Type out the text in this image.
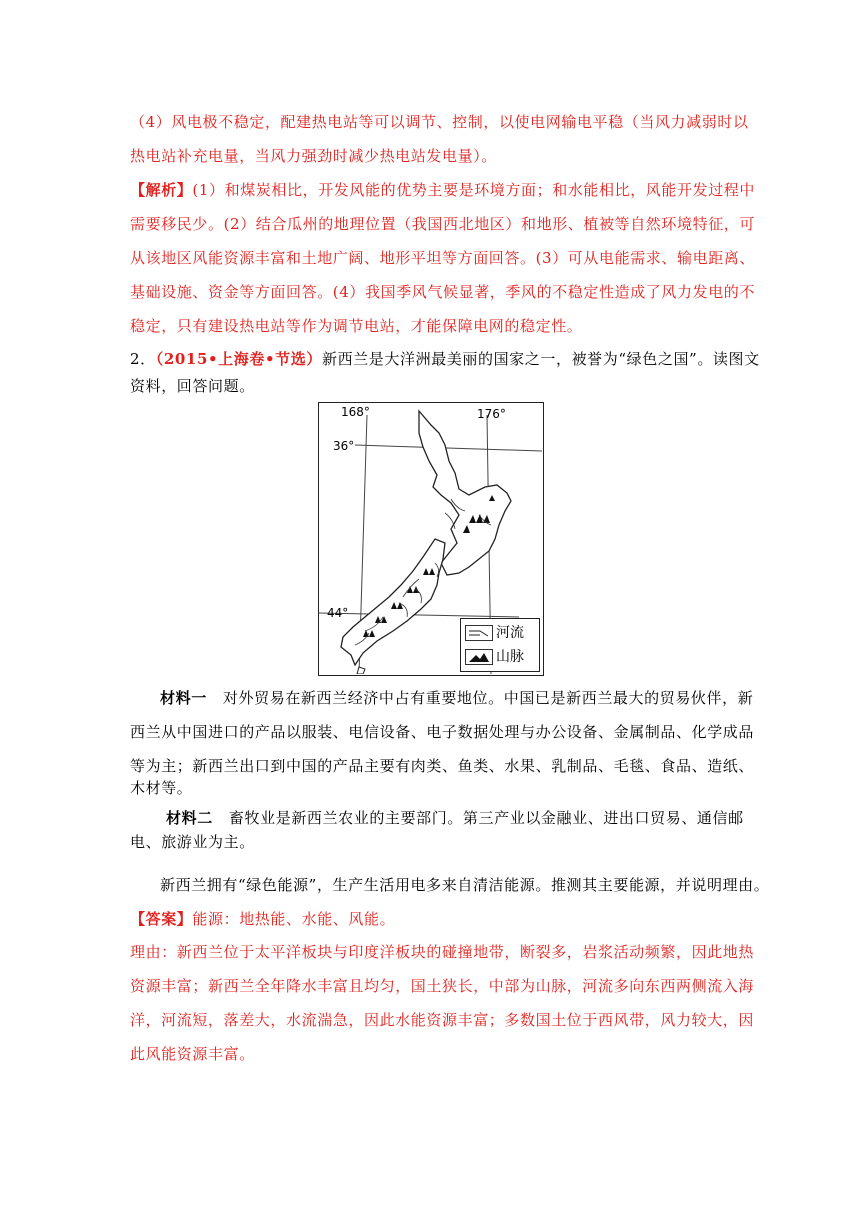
（4）风电极不稳定，配建热电站等可以调节、控制，以使电网输电平稳（当风力减弱时以
热电站补充电量，当风力强劲时减少热电站发电量）。
【解析】(1）和煤炭相比，开发风能的优势主要是环境方面；和水能相比，风能开发过程中
需要移民少。(2）结合瓜州的地理位置（我国西北地区）和地形、植被等自然环境特征，可
从该地区风能资源丰富和土地广阔、地形平坦等方面回答。(3）可从电能需求、输电距离、
基础设施、资金等方面回答。(4）我国季风气候显著，季风的不稳定性造成了风力发电的不
稳定，只有建设热电站等作为调节电站，才能保障电网的稳定性。
2．（2015•上海卷•节选）新西兰是大洋洲最美丽的国家之一，被誉为“绿色之国”。读图文
资料，回答问题。
168°	176°
36°
44°
河流
山脉
材料一 对外贸易在新西兰经济中占有重要地位。中国已是新西兰最大的贸易伙伴，新
西兰从中国进口的产品以服装、电信设备、电子数据处理与办公设备、金属制品、化学成品
等为主；新西兰出口到中国的产品主要有肉类、鱼类、水果、乳制品、毛毯、食品、造纸、
木材等。
材料二 畜牧业是新西兰农业的主要部门。第三产业以金融业、进出口贸易、通信邮
电、旅游业为主。
新西兰拥有“绿色能源”，生产生活用电多来自清洁能源。推测其主要能源，并说明理由。
【答案】能源：地热能、水能、风能。
理由：新西兰位于太平洋板块与印度洋板块的碰撞地带，断裂多，岩浆活动频繁，因此地热
资源丰富；新西兰全年降水丰富且均匀，国土狭长，中部为山脉，河流多向东西两侧流入海
洋，河流短，落差大，水流湍急，因此水能资源丰富；多数国土位于西风带，风力较大，因
此风能资源丰富。
